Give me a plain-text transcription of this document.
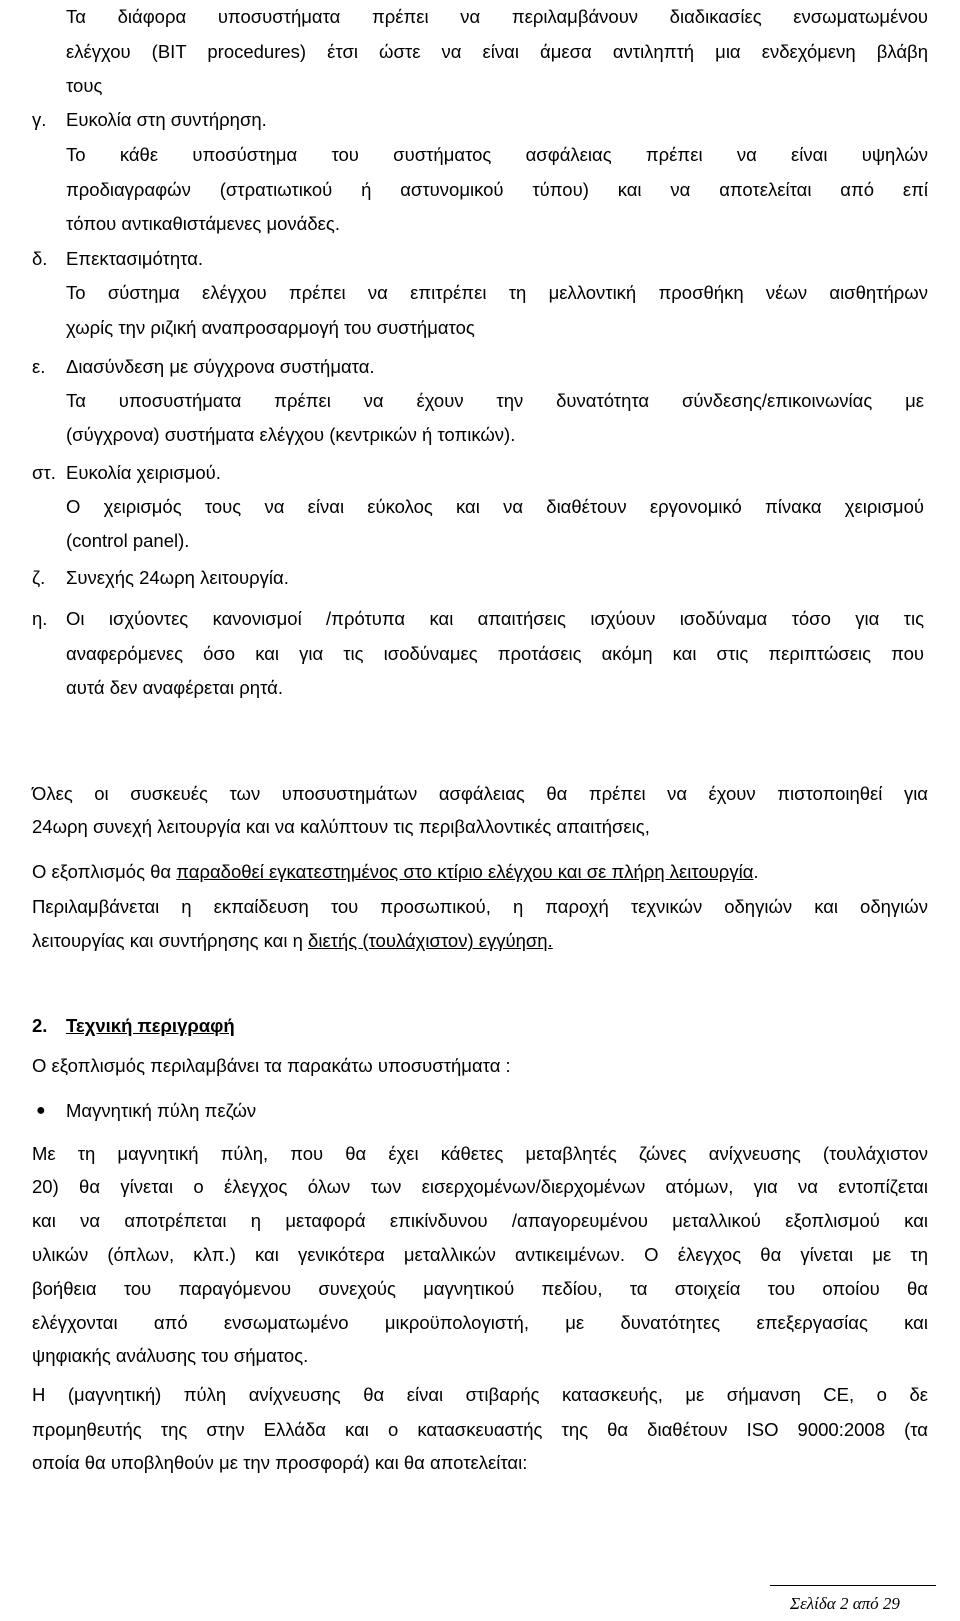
Τα διάφορα υποσυστήματα πρέπει να περιλαμβάνουν διαδικασίες ενσωματωμένου
ελέγχου (BIT procedures) έτσι ώστε να είναι άμεσα αντιληπτή μια ενδεχόμενη βλάβη
τους
γ. Ευκολία στη συντήρηση.
Το κάθε υποσύστημα του συστήματος ασφάλειας πρέπει να είναι υψηλών
προδιαγραφών (στρατιωτικού ή αστυνομικού τύπου) και να αποτελείται από επί
τόπου αντικαθιστάμενες μονάδες.
δ. Επεκτασιμότητα.
Το σύστημα ελέγχου πρέπει να επιτρέπει τη μελλοντική προσθήκη νέων αισθητήρων
χωρίς την ριζική αναπροσαρμογή του συστήματος
ε. Διασύνδεση με σύγχρονα συστήματα.
Τα υποσυστήματα πρέπει να έχουν την δυνατότητα σύνδεσης/επικοινωνίας με
(σύγχρονα) συστήματα ελέγχου (κεντρικών ή τοπικών).
στ. Ευκολία χειρισμού.
Ο χειρισμός τους να είναι εύκολος και να διαθέτουν εργονομικό πίνακα χειρισμού
(control panel).
ζ. Συνεχής 24ωρη λειτουργία.
η. Οι ισχύοντες κανονισμοί /πρότυπα και απαιτήσεις ισχύουν ισοδύναμα τόσο για τις
αναφερόμενες όσο και για τις ισοδύναμες προτάσεις ακόμη και στις περιπτώσεις που
αυτά δεν αναφέρεται ρητά.
Όλες οι συσκευές των υποσυστημάτων ασφάλειας θα πρέπει να έχουν πιστοποιηθεί για
24ωρη συνεχή λειτουργία και να καλύπτουν τις περιβαλλοντικές απαιτήσεις,
Ο εξοπλισμός θα παραδοθεί εγκατεστημένος στο κτίριο ελέγχου και σε πλήρη λειτουργία.
Περιλαμβάνεται η εκπαίδευση του προσωπικού, η παροχή τεχνικών οδηγιών και οδηγιών
λειτουργίας και συντήρησης και η διετής (τουλάχιστον) εγγύηση.
2. Τεχνική περιγραφή
Ο εξοπλισμός περιλαμβάνει τα παρακάτω υποσυστήματα :
● Μαγνητική πύλη πεζών
Με τη μαγνητική πύλη, που θα έχει κάθετες μεταβλητές ζώνες ανίχνευσης (τουλάχιστον
20) θα γίνεται ο έλεγχος όλων των εισερχομένων/διερχομένων ατόμων, για να εντοπίζεται
και να αποτρέπεται η μεταφορά επικίνδυνου /απαγορευμένου μεταλλικού εξοπλισμού και
υλικών (όπλων, κλπ.) και γενικότερα μεταλλικών αντικειμένων. Ο έλεγχος θα γίνεται με τη
βοήθεια του παραγόμενου συνεχούς μαγνητικού πεδίου, τα στοιχεία του οποίου θα
ελέγχονται από ενσωματωμένο μικροϋπολογιστή, με δυνατότητες επεξεργασίας και
ψηφιακής ανάλυσης του σήματος.
Η (μαγνητική) πύλη ανίχνευσης θα είναι στιβαρής κατασκευής, με σήμανση CE, ο δε
προμηθευτής της στην Ελλάδα και ο κατασκευαστής της θα διαθέτουν ISO 9000:2008 (τα
οποία θα υποβληθούν με την προσφορά) και θα αποτελείται:
Σελίδα 2 από 29
